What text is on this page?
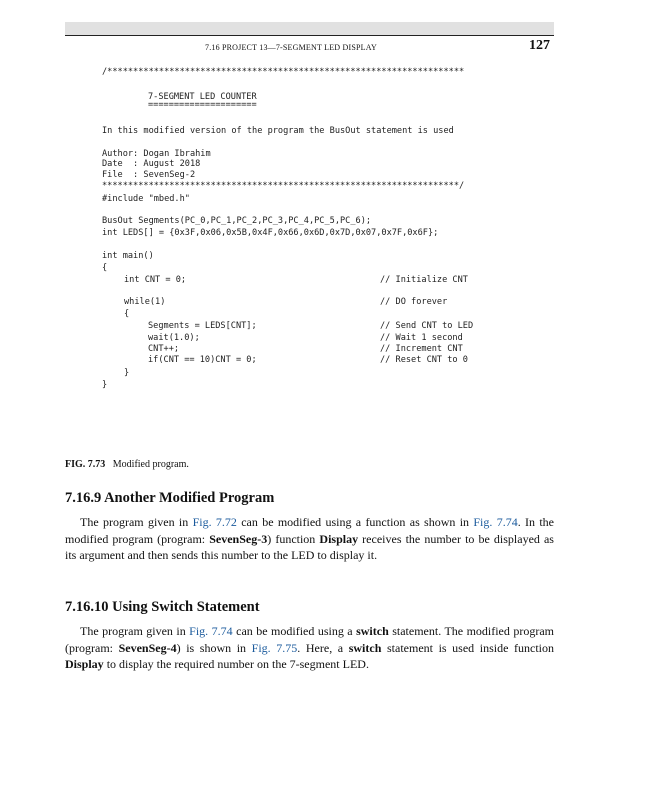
7.16 PROJECT 13—7-SEGMENT LED DISPLAY	127
/*********************************************************************
7-SEGMENT LED COUNTER
=====================
In this modified version of the program the BusOut statement is used
Author: Dogan Ibrahim
Date  : August 2018
File  : SevenSeg-2
*********************************************************************/
#include "mbed.h"
BusOut Segments(PC_0,PC_1,PC_2,PC_3,PC_4,PC_5,PC_6);
int LEDS[] = {0x3F,0x06,0x5B,0x4F,0x66,0x6D,0x7D,0x07,0x7F,0x6F};
int main()
{
int CNT = 0;	// Initialize CNT
while(1)	// DO forever
{
Segments = LEDS[CNT];	// Send CNT to LED
wait(1.0);	// Wait 1 second
CNT++;	// Increment CNT
if(CNT == 10)CNT = 0;	// Reset CNT to 0
}
}
FIG. 7.73 Modified program.
7.16.9 Another Modified Program
The program given in Fig. 7.72 can be modified using a function as shown in Fig. 7.74. In the modified program (program: SevenSeg-3) function Display receives the number to be displayed as its argument and then sends this number to the LED to display it.
7.16.10 Using Switch Statement
The program given in Fig. 7.74 can be modified using a switch statement. The modified program (program: SevenSeg-4) is shown in Fig. 7.75. Here, a switch statement is used inside function Display to display the required number on the 7-segment LED.
